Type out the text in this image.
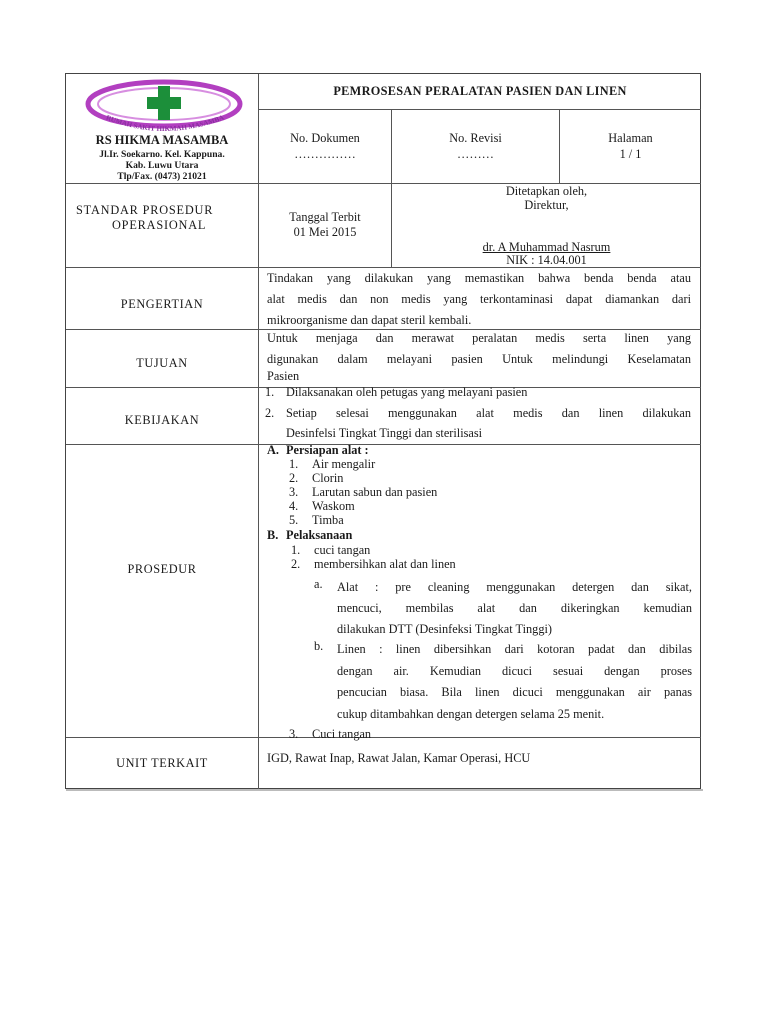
RUMAH SAKIT HIKMAH MASAMBA
RS HIKMA MASAMBA
Jl.Ir. Soekarno. Kel. Kappuna.
Kab. Luwu Utara
Tlp/Fax. (0473) 21021
PEMROSESAN PERALATAN PASIEN DAN LINEN
No. Dokumen
……………
No. Revisi
………
Halaman
1 / 1
STANDAR PROSEDUR
OPERASIONAL
Tanggal Terbit
01 Mei 2015
Ditetapkan oleh,
Direktur,
dr. A Muhammad Nasrum
NIK : 14.04.001
PENGERTIAN
Tindakan yang dilakukan yang memastikan bahwa benda benda atau
alat medis dan non medis yang terkontaminasi dapat diamankan dari
mikroorganisme dan dapat steril kembali.
TUJUAN
Untuk menjaga dan merawat peralatan medis serta linen yang
digunakan dalam melayani pasien Untuk melindungi Keselamatan
Pasien
KEBIJAKAN
1. Dilaksanakan oleh petugas yang melayani pasien
2. Setiap selesai menggunakan alat medis dan linen dilakukan
Desinfelsi Tingkat Tinggi dan sterilisasi
PROSEDUR
A. Persiapan alat :
1. Air mengalir
2. Clorin
3. Larutan sabun dan pasien
4. Waskom
5. Timba
B. Pelaksanaan
1. cuci tangan
2. membersihkan alat dan linen
a. Alat : pre cleaning menggunakan detergen dan sikat,
mencuci, membilas alat dan dikeringkan kemudian
dilakukan DTT (Desinfeksi Tingkat Tinggi)
b. Linen : linen dibersihkan dari kotoran padat dan dibilas
dengan air. Kemudian dicuci sesuai dengan proses
pencucian biasa. Bila linen dicuci menggunakan air panas
cukup ditambahkan dengan detergen selama 25 menit.
3. Cuci tangan
UNIT TERKAIT	IGD, Rawat Inap, Rawat Jalan, Kamar Operasi, HCU
